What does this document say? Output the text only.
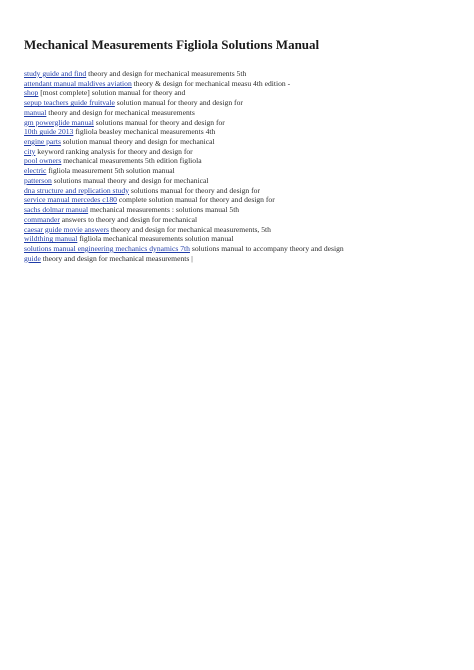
Mechanical Measurements Figliola Solutions Manual
study guide and find theory and design for mechanical measurements 5th
attendant manual maldives aviation theory & design for mechanical measu 4th edition -
shop [most complete] solution manual for theory and
sepup teachers guide fruitvale solution manual for theory and design for
manual theory and design for mechanical measurements
gm powerglide manual solutions manual for theory and design for
10th guide 2013 figliola beasley mechanical measurements 4th
engine parts solution manual theory and design for mechanical
city keyword ranking analysis for theory and design for
pool owners mechanical measurements 5th edition figliola
electric figliola measurement 5th solution manual
patterson solutions manual theory and design for mechanical
dna structure and replication study solutions manual for theory and design for
service manual mercedes c180 complete solution manual for theory and design for
sachs dolmar manual mechanical measurements : solutions manual 5th
commander answers to theory and design for mechanical
caesar guide movie answers theory and design for mechanical measurements, 5th
wildthing manual figliola mechanical measurements solution manual
solutions manual engineering mechanics dynamics 7th solutions manual to accompany theory and design
guide theory and design for mechanical measurements |
